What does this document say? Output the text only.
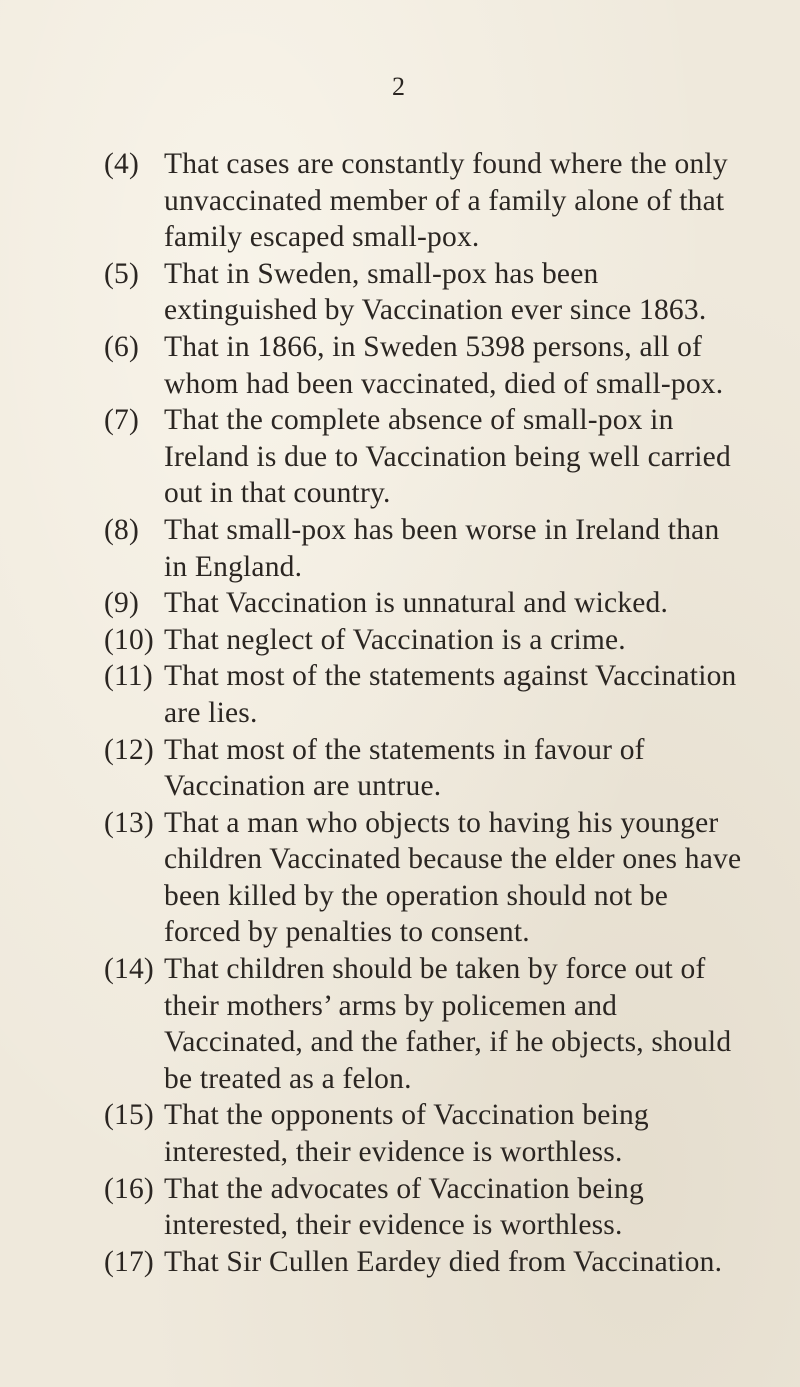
2
(4) That cases are constantly found where the only unvaccinated member of a family alone of that family escaped small-pox.
(5) That in Sweden, small-pox has been extinguished by Vaccination ever since 1863.
(6) That in 1866, in Sweden 5398 persons, all of whom had been vaccinated, died of small-pox.
(7) That the complete absence of small-pox in Ireland is due to Vaccination being well carried out in that country.
(8) That small-pox has been worse in Ireland than in England.
(9) That Vaccination is unnatural and wicked.
(10) That neglect of Vaccination is a crime.
(11) That most of the statements against Vaccination are lies.
(12) That most of the statements in favour of Vaccination are untrue.
(13) That a man who objects to having his younger children Vaccinated because the elder ones have been killed by the operation should not be forced by penalties to consent.
(14) That children should be taken by force out of their mothers’ arms by policemen and Vaccinated, and the father, if he objects, should be treated as a felon.
(15) That the opponents of Vaccination being interested, their evidence is worthless.
(16) That the advocates of Vaccination being interested, their evidence is worthless.
(17) That Sir Cullen Eardey died from Vaccination.
